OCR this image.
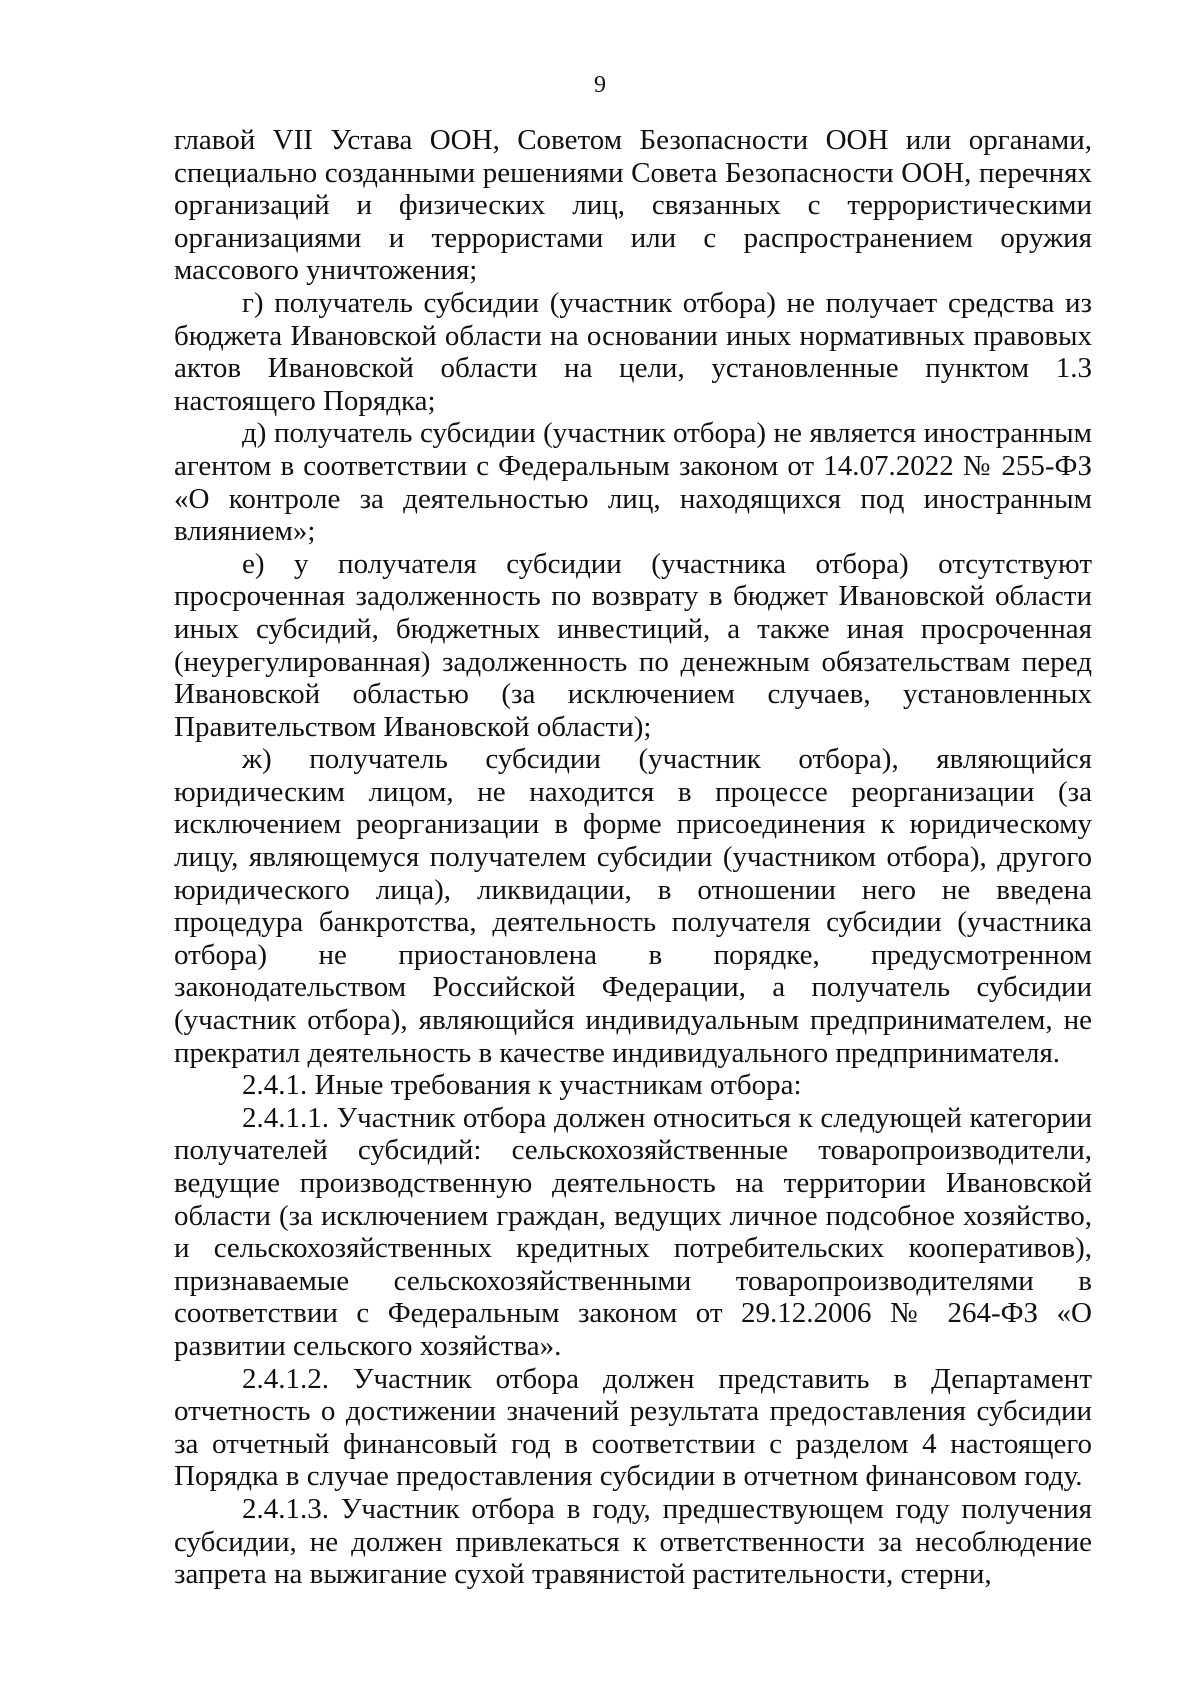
9

главой VII Устава ООН, Советом Безопасности ООН или органами, специально созданными решениями Совета Безопасности ООН, перечнях организаций и физических лиц, связанных с террористическими организациями и террористами или с распространением оружия массового уничтожения;

г) получатель субсидии (участник отбора) не получает средства из бюджета Ивановской области на основании иных нормативных правовых актов Ивановской области на цели, установленные пунктом 1.3 настоящего Порядка;

д) получатель субсидии (участник отбора) не является иностранным агентом в соответствии с Федеральным законом от 14.07.2022 № 255-ФЗ «О контроле за деятельностью лиц, находящихся под иностранным влиянием»;

е) у получателя субсидии (участника отбора) отсутствуют просроченная задолженность по возврату в бюджет Ивановской области иных субсидий, бюджетных инвестиций, а также иная просроченная (неурегулированная) задолженность по денежным обязательствам перед Ивановской областью (за исключением случаев, установленных Правительством Ивановской области);

ж) получатель субсидии (участник отбора), являющийся юридическим лицом, не находится в процессе реорганизации (за исключением реорганизации в форме присоединения к юридическому лицу, являющемуся получателем субсидии (участником отбора), другого юридического лица), ликвидации, в отношении него не введена процедура банкротства, деятельность получателя субсидии (участника отбора) не приостановлена в порядке, предусмотренном законодательством Российской Федерации, а получатель субсидии (участник отбора), являющийся индивидуальным предпринимателем, не прекратил деятельность в качестве индивидуального предпринимателя.

2.4.1. Иные требования к участникам отбора:

2.4.1.1. Участник отбора должен относиться к следующей категории получателей субсидий: сельскохозяйственные товаропроизводители, ведущие производственную деятельность на территории Ивановской области (за исключением граждан, ведущих личное подсобное хозяйство, и сельскохозяйственных кредитных потребительских кооперативов), признаваемые сельскохозяйственными товаропроизводителями в соответствии с Федеральным законом от 29.12.2006 № 264-ФЗ «О развитии сельского хозяйства».

2.4.1.2. Участник отбора должен представить в Департамент отчетность о достижении значений результата предоставления субсидии за отчетный финансовый год в соответствии с разделом 4 настоящего Порядка в случае предоставления субсидии в отчетном финансовом году.

2.4.1.3. Участник отбора в году, предшествующем году получения субсидии, не должен привлекаться к ответственности за несоблюдение запрета на выжигание сухой травянистой растительности, стерни,
